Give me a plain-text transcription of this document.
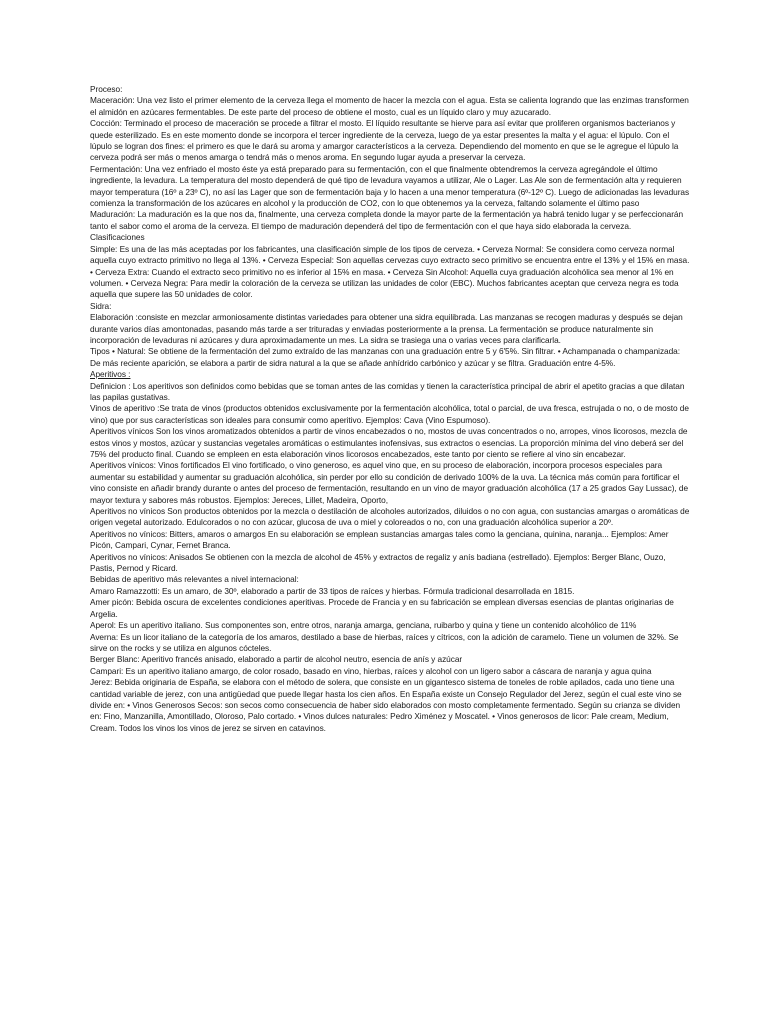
Proceso:

Maceración: Una vez listo el primer elemento de la cerveza llega el momento de hacer la mezcla con el agua. Esta se calienta logrando que las enzimas transformen el almidón en azúcares fermentables. De este parte del proceso de obtiene el mosto, cual es un líquido claro y muy azucarado.

Cocción: Terminado el proceso de maceración se procede a filtrar el mosto. El líquido resultante se hierve para así evitar que proliferen organismos bacterianos y quede esterilizado. Es en este momento donde se incorpora el tercer ingrediente de la cerveza, luego de ya estar presentes la malta y el agua: el lúpulo. Con el lúpulo se logran dos fines: el primero es que le dará su aroma y amargor característicos a la cerveza. Dependiendo del momento en que se le agregue el lúpulo la cerveza podrá ser más o menos amarga o tendrá más o menos aroma. En segundo lugar ayuda a preservar la cerveza.

Fermentación: Una vez enfriado el mosto éste ya está preparado para su fermentación, con el que finalmente obtendremos la cerveza agregándole el último ingrediente, la levadura. La temperatura del mosto dependerá de qué tipo de levadura vayamos a utilizar, Ale o Lager. Las Ale son de fermentación alta y requieren mayor temperatura (16º a 23º C), no así las Lager que son de fermentación baja y lo hacen a una menor temperatura (6º-12º C). Luego de adicionadas las levaduras comienza la transformación de los azúcares en alcohol y la producción de CO2, con lo que obtenemos ya la cerveza, faltando solamente el último paso

Maduración: La maduración es la que nos da, finalmente, una cerveza completa donde la mayor parte de la fermentación ya habrá tenido lugar y se perfeccionarán tanto el sabor como el aroma de la cerveza. El tiempo de maduración dependerá del tipo de fermentación con el que haya sido elaborada la cerveza.

Clasificaciones

Simple: Es una de las más aceptadas por los fabricantes, una clasificación simple de los tipos de cerveza. • Cerveza Normal: Se considera como cerveza normal aquella cuyo extracto primitivo no llega al 13%. • Cerveza Especial: Son aquellas cervezas cuyo extracto seco primitivo se encuentra entre el 13% y el 15% en masa. • Cerveza Extra: Cuando el extracto seco primitivo no es inferior al 15% en masa. • Cerveza Sin Alcohol: Aquella cuya graduación alcohólica sea menor al 1% en volumen. • Cerveza Negra: Para medir la coloración de la cerveza se utilizan las unidades de color (EBC). Muchos fabricantes aceptan que cerveza negra es toda aquella que supere las 50 unidades de color.

Sidra:

Elaboración :consiste en mezclar armoniosamente distintas variedades para obtener una sidra equilibrada. Las manzanas se recogen maduras y después se dejan durante varios días amontonadas, pasando más tarde a ser trituradas y enviadas posteriormente a la prensa. La fermentación se produce naturalmente sin incorporación de levaduras ni azúcares y dura aproximadamente un mes. La sidra se trasiega una o varias veces para clarificarla.

Tipos • Natural: Se obtiene de la fermentación del zumo extraído de las manzanas con una graduación entre 5 y 6'5%. Sin filtrar. • Achampanada o champanizada: De más reciente aparición, se elabora a partir de sidra natural a la que se añade anhídrido carbónico y azúcar y se filtra. Graduación entre 4-5%.

Aperitivos :

Definicion : Los aperitivos son definidos como bebidas que se toman antes de las comidas y tienen la característica principal de abrir el apetito gracias a que dilatan las papilas gustativas.

Vinos de aperitivo :Se trata de vinos (productos obtenidos exclusivamente por la fermentación alcohólica, total o parcial, de uva fresca, estrujada o no, o de mosto de vino) que por sus características son ideales para consumir como aperitivo. Ejemplos: Cava (Vino Espumoso).

Aperitivos vínicos Son los vinos aromatizados obtenidos a partir de vinos encabezados o no, mostos de uvas concentrados o no, arropes, vinos licorosos, mezcla de estos vinos y mostos, azúcar y sustancias vegetales aromáticas o estimulantes inofensivas, sus extractos o esencias. La proporción mínima del vino deberá ser del 75% del producto final. Cuando se empleen en esta elaboración vinos licorosos encabezados, este tanto por ciento se refiere al vino sin encabezar.

Aperitivos vínicos: Vinos fortificados El vino fortificado, o vino generoso, es aquel vino que, en su proceso de elaboración, incorpora procesos especiales para aumentar su estabilidad y aumentar su graduación alcohólica, sin perder por ello su condición de derivado 100% de la uva. La técnica más común para fortificar el vino consiste en añadir brandy durante o antes del proceso de fermentación, resultando en un vino de mayor graduación alcohólica (17 a 25 grados Gay Lussac), de mayor textura y sabores más robustos. Ejemplos: Jereces, Lillet, Madeira, Oporto,

Aperitivos no vínicos Son productos obtenidos por la mezcla o destilación de alcoholes autorizados, diluidos o no con agua, con sustancias amargas o aromáticas de origen vegetal autorizado. Edulcorados o no con azúcar, glucosa de uva o miel y coloreados o no, con una graduación alcohólica superior a 20º.

Aperitivos no vínicos: Bitters, amaros o amargos En su elaboración se emplean sustancias amargas tales como la genciana, quinina, naranja... Ejemplos: Amer Picón, Campari, Cynar, Fernet Branca.

Aperitivos no vínicos: Anisados Se obtienen con la mezcla de alcohol de 45% y extractos de regaliz y anís badiana (estrellado). Ejemplos: Berger Blanc, Ouzo, Pastis, Pernod y Ricard.

Bebidas de aperitivo más relevantes a nivel internacional:

Amaro Ramazzotti: Es un amaro, de 30º, elaborado a partir de 33 tipos de raíces y hierbas. Fórmula tradicional desarrollada en 1815.

Amer picón: Bebida oscura de excelentes condiciones aperitivas. Procede de Francia y en su fabricación se emplean diversas esencias de plantas originarias de Argelia.

Aperol: Es un aperitivo italiano. Sus componentes son, entre otros, naranja amarga, genciana, ruibarbo y quina y tiene un contenido alcohólico de 11%

Averna: Es un licor italiano de la categoría de los amaros, destilado a base de hierbas, raíces y cítricos, con la adición de caramelo. Tiene un volumen de 32%. Se sirve on the rocks y se utiliza en algunos cócteles.

Berger Blanc: Aperitivo francés anisado, elaborado a partir de alcohol neutro, esencia de anís y azúcar

Campari: Es un aperitivo italiano amargo, de color rosado, basado en vino, hierbas, raíces y alcohol con un ligero sabor a cáscara de naranja y agua quina

Jerez: Bebida originaria de España, se elabora con el método de solera, que consiste en un gigantesco sistema de toneles de roble apilados, cada uno tiene una cantidad variable de jerez, con una antigüedad que puede llegar hasta los cien años. En España existe un Consejo Regulador del Jerez, según el cual este vino se divide en: • Vinos Generosos Secos: son secos como consecuencia de haber sido elaborados con mosto completamente fermentado. Según su crianza se dividen en: Fino, Manzanilla, Amontillado, Oloroso, Palo cortado. • Vinos dulces naturales: Pedro Ximénez y Moscatel. • Vinos generosos de licor: Pale cream, Medium, Cream. Todos los vinos los vinos de jerez se sirven en catavinos.
